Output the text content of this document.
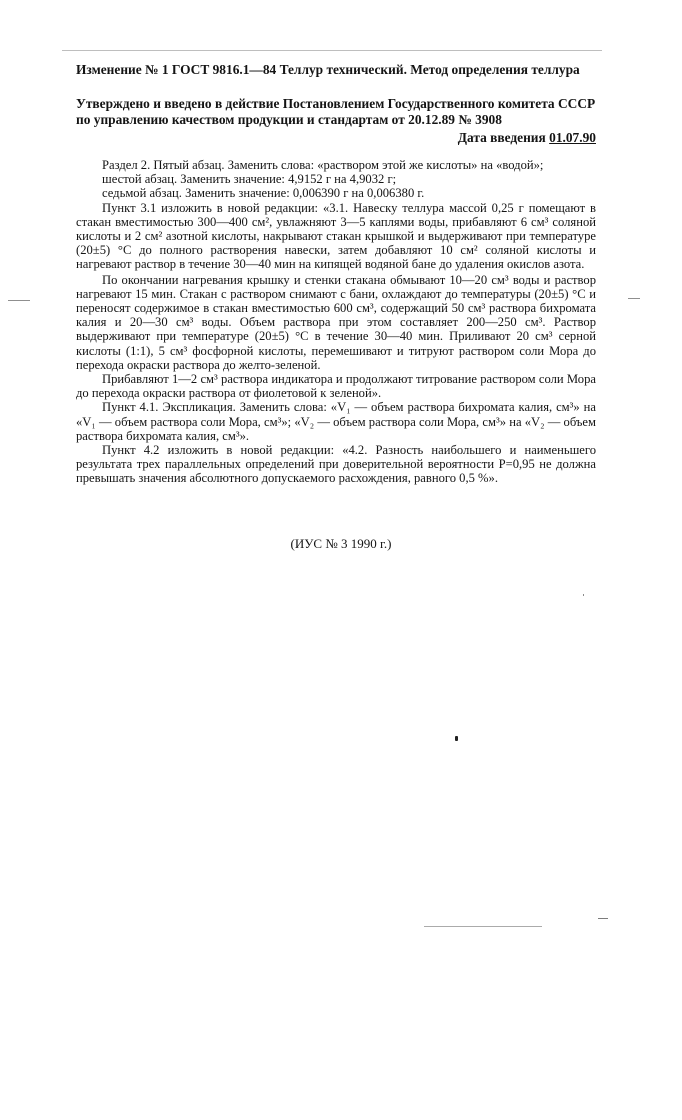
Изменение № 1 ГОСТ 9816.1—84 Теллур технический. Метод определения теллура
Утверждено и введено в действие Постановлением Государственного комитета СССР по управлению качеством продукции и стандартам от 20.12.89 № 3908
Дата введения 01.07.90

Раздел 2. Пятый абзац. Заменить слова: «раствором этой же кислоты» на «водой»;

шестой абзац. Заменить значение: 4,9152 г на 4,9032 г;

седьмой абзац. Заменить значение: 0,006390 г на 0,006380 г.

Пункт 3.1 изложить в новой редакции: «3.1. Навеску теллура массой 0,25 г помещают в стакан вместимостью 300—400 см², увлажняют 3—5 каплями воды, прибавляют 6 см³ соляной кислоты и 2 см² азотной кислоты, накрывают стакан крышкой и выдерживают при температуре (20±5) °С до полного растворения навески, затем добавляют 10 см² соляной кислоты и нагревают раствор в течение 30—40 мин на кипящей водяной бане до удаления окислов азота.

По окончании нагревания крышку и стенки стакана обмывают 10—20 см³ воды и раствор нагревают 15 мин. Стакан с раствором снимают с бани, охлаждают до температуры (20±5) °С и переносят содержимое в стакан вместимостью 600 см³, содержащий 50 см³ раствора бихромата калия и 20—30 см³ воды. Объем раствора при этом составляет 200—250 см³. Раствор выдерживают при температуре (20±5) °С в течение 30—40 мин. Приливают 20 см³ серной кислоты (1:1), 5 см³ фосфорной кислоты, перемешивают и титруют раствором соли Мора до перехода окраски раствора до желто-зеленой.

Прибавляют 1—2 см³ раствора индикатора и продолжают титрование раствором соли Мора до перехода окраски раствора от фиолетовой к зеленой».

Пункт 4.1. Экспликация. Заменить слова: «V₁ — объем раствора бихромата калия, см³» на «V₁ — объем раствора соли Мора, см³»; «V₂ — объем раствора соли Мора, см³» на «V₂ — объем раствора бихромата калия, см³».

Пункт 4.2 изложить в новой редакции: «4.2. Разность наибольшего и наименьшего результата трех параллельных определений при доверительной вероятности Р=0,95 не должна превышать значения абсолютного допускаемого расхождения, равного 0,5 %».

(ИУС № 3 1990 г.)
